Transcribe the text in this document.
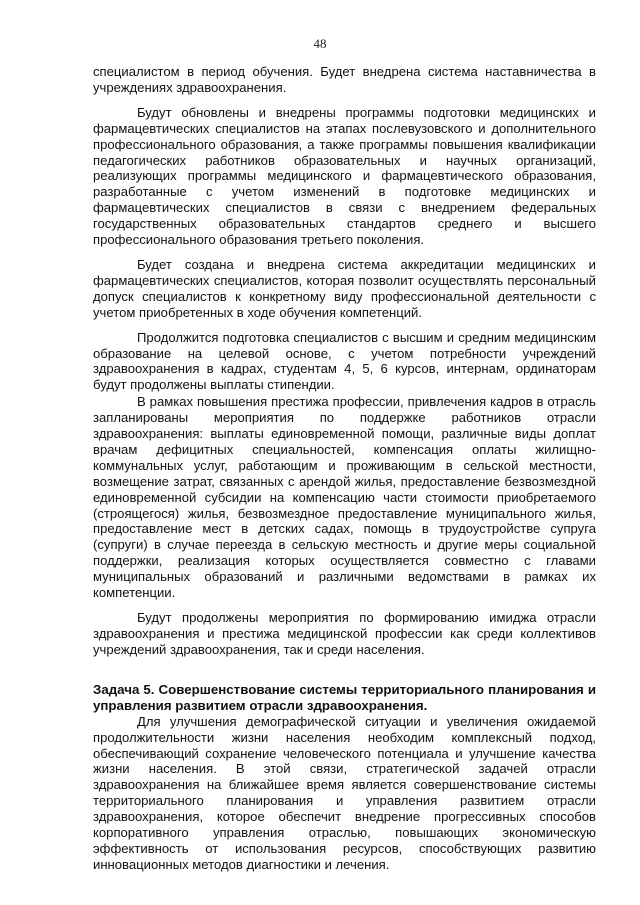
48

специалистом в период обучения. Будет внедрена система наставничества в учреждениях здравоохранения.

Будут обновлены и внедрены программы подготовки медицинских и фармацевтических специалистов на этапах послевузовского и дополнительного профессионального образования, а также программы повышения квалификации педагогических работников образовательных и научных организаций, реализующих программы медицинского и фармацевтического образования, разработанные с учетом изменений в подготовке медицинских и фармацевтических специалистов в связи с внедрением федеральных государственных образовательных стандартов среднего и высшего профессионального образования третьего поколения.

Будет создана и внедрена система аккредитации медицинских и фармацевтических специалистов, которая позволит осуществлять персональный допуск специалистов к конкретному виду профессиональной деятельности с учетом приобретенных в ходе обучения компетенций.

Продолжится подготовка специалистов с высшим и средним медицинским образование на целевой основе, с учетом потребности учреждений здравоохранения в кадрах, студентам 4, 5, 6 курсов, интернам, ординаторам будут продолжены выплаты стипендии.

В рамках повышения престижа профессии, привлечения кадров в отрасль запланированы мероприятия по поддержке работников отрасли здравоохранения: выплаты единовременной помощи, различные виды доплат врачам дефицитных специальностей, компенсация оплаты жилищно-коммунальных услуг, работающим и проживающим в сельской местности, возмещение затрат, связанных с арендой жилья, предоставление безвозмездной единовременной субсидии на компенсацию части стоимости приобретаемого (строящегося) жилья, безвозмездное предоставление муниципального жилья, предоставление мест в детских садах, помощь в трудоустройстве супруга (супруги) в случае переезда в сельскую местность и другие меры социальной поддержки, реализация которых осуществляется совместно с главами муниципальных образований и различными ведомствами в рамках их компетенции.

Будут продолжены мероприятия по формированию имиджа отрасли здравоохранения и престижа медицинской профессии как среди коллективов учреждений здравоохранения, так и среди населения.

Задача 5. Совершенствование системы территориального планирования и управления развитием отрасли здравоохранения.

Для улучшения демографической ситуации и увеличения ожидаемой продолжительности жизни населения необходим комплексный подход, обеспечивающий сохранение человеческого потенциала и улучшение качества жизни населения. В этой связи, стратегической задачей отрасли здравоохранения на ближайшее время является совершенствование системы территориального планирования и управления развитием отрасли здравоохранения, которое обеспечит внедрение прогрессивных способов корпоративного управления отраслью, повышающих экономическую эффективность от использования ресурсов, способствующих развитию инновационных методов диагностики и лечения.
